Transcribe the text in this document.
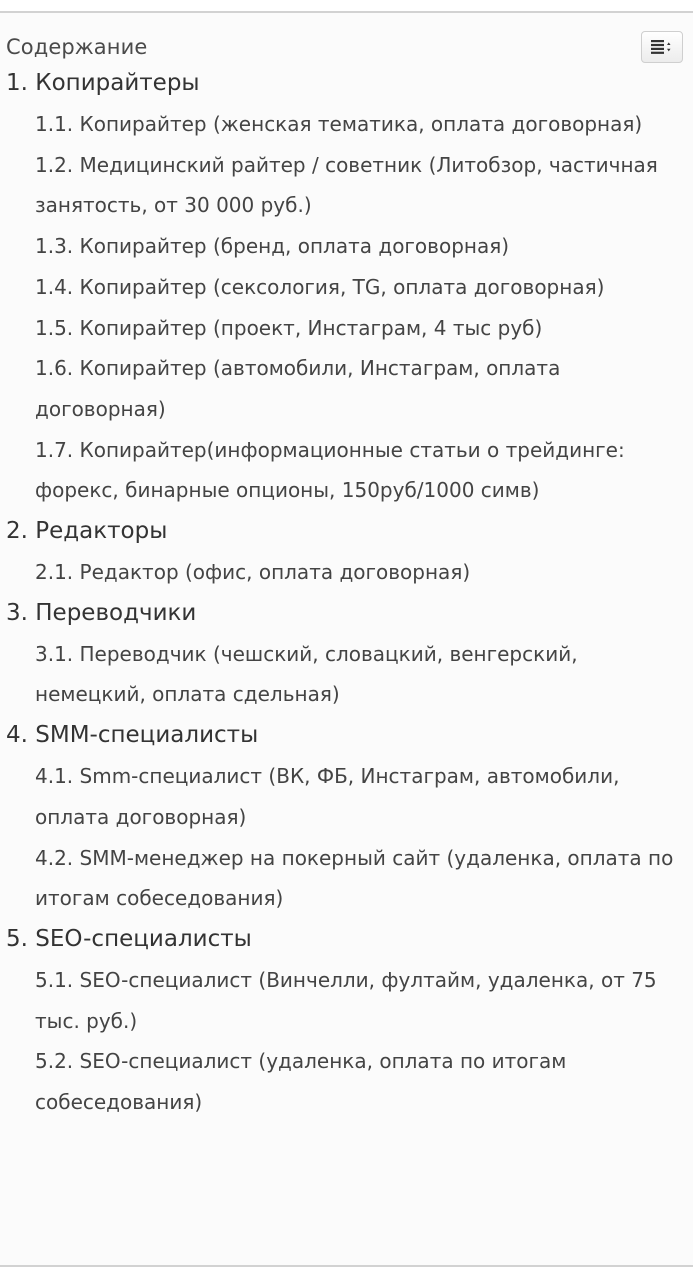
Содержание
1. Копирайтеры
1.1. Копирайтер (женская тематика, оплата договорная)
1.2. Медицинский райтер / советник (Литобзор, частичная занятость, от 30 000 руб.)
1.3. Копирайтер (бренд, оплата договорная)
1.4. Копирайтер (сексология, TG, оплата договорная)
1.5. Копирайтер (проект, Инстаграм, 4 тыс руб)
1.6. Копирайтер (автомобили, Инстаграм, оплата договорная)
1.7. Копирайтер(информационные статьи о трейдинге: форекс, бинарные опционы, 150руб/1000 симв)
2. Редакторы
2.1. Редактор (офис, оплата договорная)
3. Переводчики
3.1. Переводчик (чешский, словацкий, венгерский, немецкий, оплата сдельная)
4. SMM-специалисты
4.1. Smm-специалист (ВК, ФБ, Инстаграм, автомобили, оплата договорная)
4.2. SMM-менеджер на покерный сайт (удаленка, оплата по итогам собеседования)
5. SEO-специалисты
5.1. SEO-специалист (Винчелли, фултайм, удаленка, от 75 тыс. руб.)
5.2. SEO-специалист (удаленка, оплата по итогам собеседования)
